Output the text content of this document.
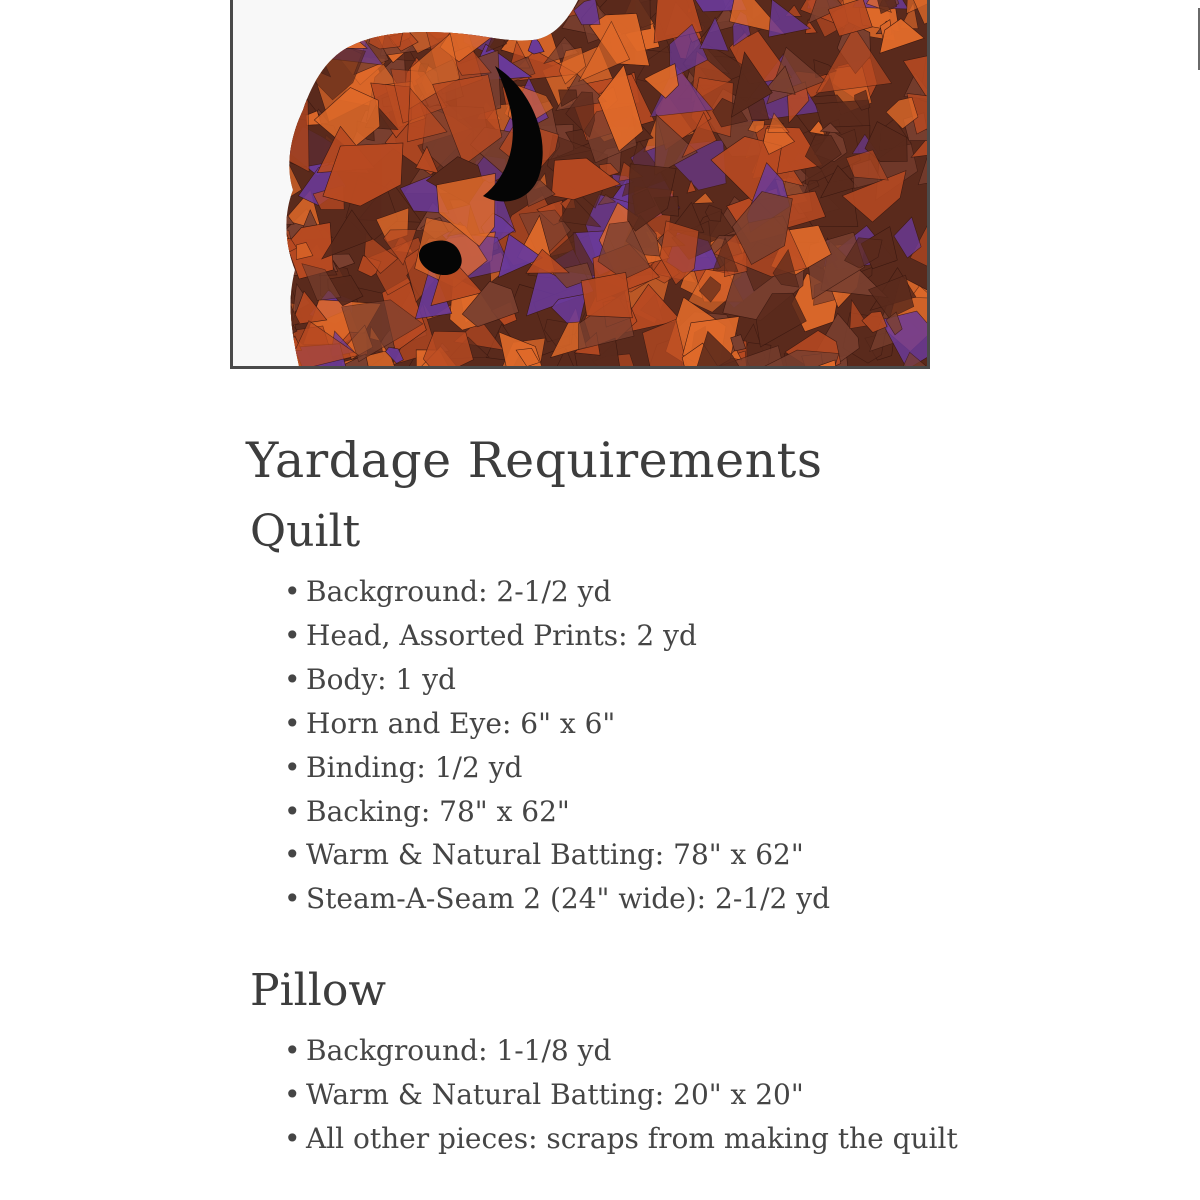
Yardage Requirements
Quilt
• Background: 2-1/2 yd
• Head, Assorted Prints: 2 yd
• Body: 1 yd
• Horn and Eye: 6" x 6"
• Binding: 1/2 yd
• Backing: 78" x 62"
• Warm & Natural Batting: 78" x 62"
• Steam-A-Seam 2 (24" wide): 2-1/2 yd
Pillow
• Background: 1-1/8 yd
• Warm & Natural Batting: 20" x 20"
• All other pieces: scraps from making the quilt
